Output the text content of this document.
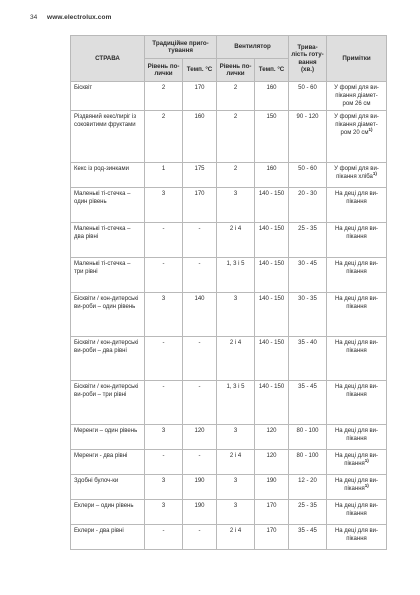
34 www.electrolux.com
СТРАВА	Традиційне приго-тування		Вентилятор		Трива-лість готу-вання (хв.)	Примітки
	Рівень по-лички	Темп. °C	Рівень по-лички	Темп. °C		
Бісквіт	2	170	2	160	50 - 60	У формі для ви-пікання діамет-ром 26 см
Різдвяний кекс/пиріг із соковитими фруктами	2	160	2	150	90 - 120	У формі для ви-пікання діамет-ром 20 $см^{1)}$
Кекс із род-зинками	1	175	2	160	50 - 60	У формі для ви-пікання хліба$^{1)}$
Маленькі ті-стечка – один рівень	3	170	3	140 - 150	20 - 30	На деці для ви-пікання
Маленькі ті-стечка – два рівні	-	-	2 і 4	140 - 150	25 - 35	На деці для ви-пікання
Маленькі ті-стечка – три рівні	-	-	1, 3 і 5	140 - 150	30 - 45	На деці для ви-пікання
Бісквіти / кон-дитерські ви-роби – один рівень	3	140	3	140 - 150	30 - 35	На деці для ви-пікання
Бісквіти / кон-дитерські ви-роби – два рівні	-	-	2 і 4	140 - 150	35 - 40	На деці для ви-пікання
Бісквіти / кон-дитерські ви-роби – три рівні	-	-	1, 3 і 5	140 - 150	35 - 45	На деці для ви-пікання
Меренги – один рівень	3	120	3	120	80 - 100	На деці для ви-пікання
Меренги - два рівні	-	-	2 і 4	120	80 - 100	На деці для ви-пікання$^{1)}$
Здобні булоч-ки	3	190	3	190	12 - 20	На деці для ви-пікання$^{1)}$
Еклери – один рівень	3	190	3	170	25 - 35	На деці для ви-пікання
Еклери - два рівні	-	-	2 і 4	170	35 - 45	На деці для ви-пікання
